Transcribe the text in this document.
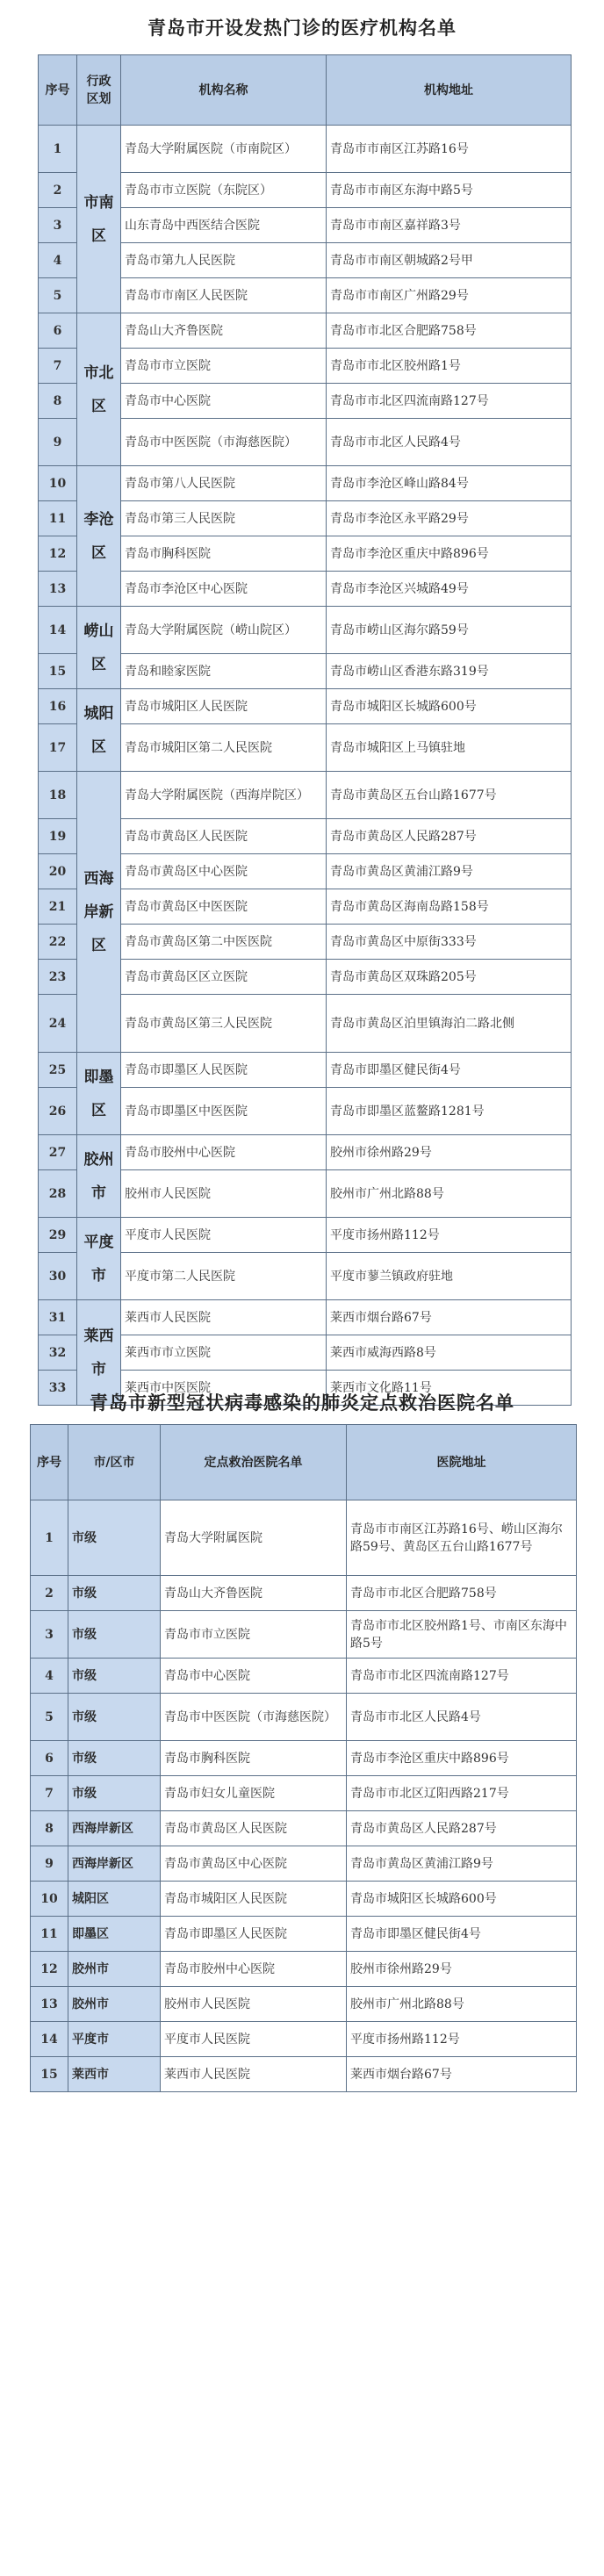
青岛市开设发热门诊的医疗机构名单
序号	行政区划	机构名称	机构地址
1	市南区	青岛大学附属医院（市南院区）	青岛市市南区江苏路16号
2		青岛市市立医院（东院区）	青岛市市南区东海中路5号
3		山东青岛中西医结合医院	青岛市市南区嘉祥路3号
4		青岛市第九人民医院	青岛市市南区朝城路2号甲
5		青岛市市南区人民医院	青岛市市南区广州路29号
6	市北区	青岛山大齐鲁医院	青岛市市北区合肥路758号
7		青岛市市立医院	青岛市市北区胶州路1号
8		青岛市中心医院	青岛市市北区四流南路127号
9		青岛市中医医院（市海慈医院）	青岛市市北区人民路4号
10	李沧区	青岛市第八人民医院	青岛市李沧区峰山路84号
11		青岛市第三人民医院	青岛市李沧区永平路29号
12		青岛市胸科医院	青岛市李沧区重庆中路896号
13		青岛市李沧区中心医院	青岛市李沧区兴城路49号
14	崂山区	青岛大学附属医院（崂山院区）	青岛市崂山区海尔路59号
15		青岛和睦家医院	青岛市崂山区香港东路319号
16	城阳区	青岛市城阳区人民医院	青岛市城阳区长城路600号
17		青岛市城阳区第二人民医院	青岛市城阳区上马镇驻地
18	西海岸新区	青岛大学附属医院（西海岸院区）	青岛市黄岛区五台山路1677号
19		青岛市黄岛区人民医院	青岛市黄岛区人民路287号
20		青岛市黄岛区中心医院	青岛市黄岛区黄浦江路9号
21		青岛市黄岛区中医医院	青岛市黄岛区海南岛路158号
22		青岛市黄岛区第二中医医院	青岛市黄岛区中原街333号
23		青岛市黄岛区区立医院	青岛市黄岛区双珠路205号
24		青岛市黄岛区第三人民医院	青岛市黄岛区泊里镇海泊二路北侧
25	即墨区	青岛市即墨区人民医院	青岛市即墨区健民街4号
26		青岛市即墨区中医医院	青岛市即墨区蓝鳌路1281号
27	胶州市	青岛市胶州中心医院	胶州市徐州路29号
28		胶州市人民医院	胶州市广州北路88号
29	平度市	平度市人民医院	平度市扬州路112号
30		平度市第二人民医院	平度市蓼兰镇政府驻地
31	莱西市	莱西市人民医院	莱西市烟台路67号
32		莱西市市立医院	莱西市威海西路8号
33		莱西市中医医院	莱西市文化路11号
青岛市新型冠状病毒感染的肺炎定点救治医院名单
序号	市/区市	定点救治医院名单	医院地址
1	市级	青岛大学附属医院	青岛市市南区江苏路16号、崂山区海尔路59号、黄岛区五台山路1677号
2	市级	青岛山大齐鲁医院	青岛市市北区合肥路758号
3	市级	青岛市市立医院	青岛市市北区胶州路1号、市南区东海中路5号
4	市级	青岛市中心医院	青岛市市北区四流南路127号
5	市级	青岛市中医医院（市海慈医院）	青岛市市北区人民路4号
6	市级	青岛市胸科医院	青岛市李沧区重庆中路896号
7	市级	青岛市妇女儿童医院	青岛市市北区辽阳西路217号
8	西海岸新区	青岛市黄岛区人民医院	青岛市黄岛区人民路287号
9	西海岸新区	青岛市黄岛区中心医院	青岛市黄岛区黄浦江路9号
10	城阳区	青岛市城阳区人民医院	青岛市城阳区长城路600号
11	即墨区	青岛市即墨区人民医院	青岛市即墨区健民街4号
12	胶州市	青岛市胶州中心医院	胶州市徐州路29号
13	胶州市	胶州市人民医院	胶州市广州北路88号
14	平度市	平度市人民医院	平度市扬州路112号
15	莱西市	莱西市人民医院	莱西市烟台路67号
